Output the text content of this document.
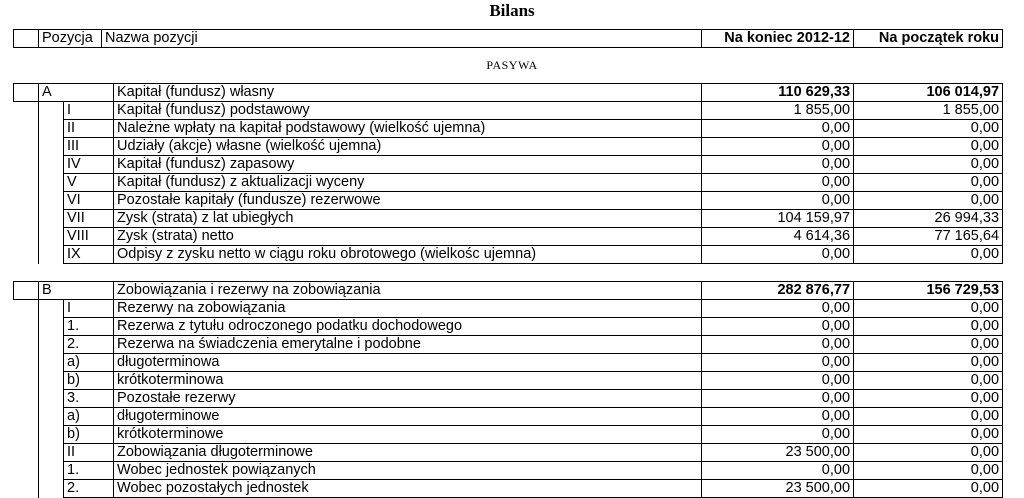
Bilans
	Pozycja	Nazwa pozycji	Na koniec 2012-12	Na początek roku
PASYWA
	A		Kapitał (fundusz) własny	110 629,33	106 014,97
		I	Kapitał (fundusz) podstawowy	1 855,00	1 855,00
		II	Należne wpłaty na kapitał podstawowy (wielkość ujemna)	0,00	0,00
		III	Udziały (akcje) własne (wielkość ujemna)	0,00	0,00
		IV	Kapitał (fundusz) zapasowy	0,00	0,00
		V	Kapitał (fundusz) z aktualizacji wyceny	0,00	0,00
		VI	Pozostałe kapitały (fundusze) rezerwowe	0,00	0,00
		VII	Zysk (strata) z lat ubiegłych	104 159,97	26 994,33
		VIII	Zysk (strata) netto	4 614,36	77 165,64
		IX	Odpisy z zysku netto w ciągu roku obrotowego (wielkośc ujemna)	0,00	0,00
	B		Zobowiązania i rezerwy na zobowiązania	282 876,77	156 729,53
		I	Rezerwy na zobowiązania	0,00	0,00
		1.	Rezerwa z tytułu odroczonego podatku dochodowego	0,00	0,00
		2.	Rezerwa na świadczenia emerytalne i podobne	0,00	0,00
		a)	długoterminowa	0,00	0,00
		b)	krótkoterminowa	0,00	0,00
		3.	Pozostałe rezerwy	0,00	0,00
		a)	długoterminowe	0,00	0,00
		b)	krótkoterminowe	0,00	0,00
		II	Zobowiązania długoterminowe	23 500,00	0,00
		1.	Wobec jednostek powiązanych	0,00	0,00
		2.	Wobec pozostałych jednostek	23 500,00	0,00
